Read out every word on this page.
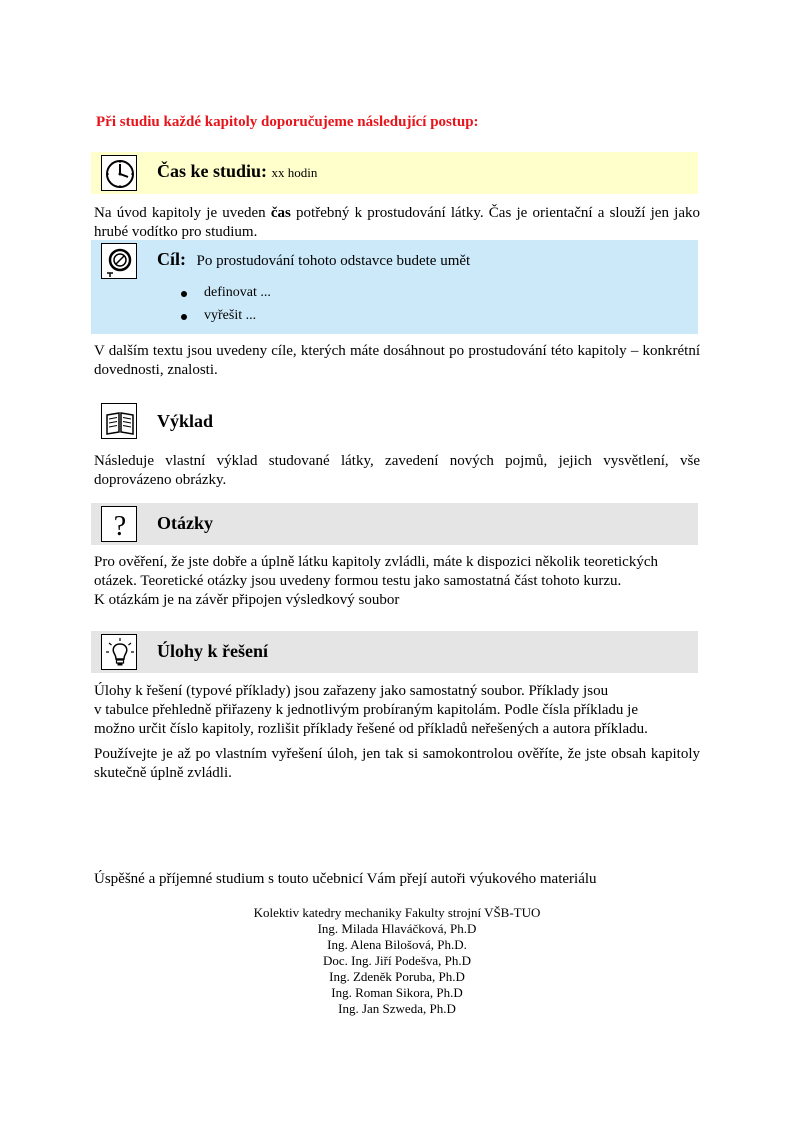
Při studiu každé kapitoly doporučujeme následující postup:
Čas ke studiu: xx hodin
Na úvod kapitoly je uveden čas potřebný k prostudování látky. Čas je orientační a slouží jen jako hrubé vodítko pro studium.
Cíl: Po prostudování tohoto odstavce budete umět
definovat ...
vyřešit ...
V dalším textu jsou uvedeny cíle, kterých máte dosáhnout po prostudování této kapitoly – konkrétní dovednosti, znalosti.
Výklad
Následuje vlastní výklad studované látky, zavedení nových pojmů, jejich vysvětlení, vše doprovázeno obrázky.
? Otázky
Pro ověření, že jste dobře a úplně látku kapitoly zvládli, máte k dispozici několik teoretických
otázek. Teoretické otázky jsou uvedeny formou testu jako samostatná část tohoto kurzu.
K otázkám je na závěr připojen výsledkový soubor
Úlohy k řešení
Úlohy k řešení (typové příklady) jsou zařazeny jako samostatný soubor. Příklady jsou
v tabulce přehledně přiřazeny k jednotlivým probíraným kapitolám. Podle čísla příkladu je
možno určit číslo kapitoly, rozlišit příklady řešené od příkladů neřešených a autora příkladu.
Používejte je až po vlastním vyřešení úloh, jen tak si samokontrolou ověříte, že jste obsah kapitoly skutečně úplně zvládli.
Úspěšné a příjemné studium s touto učebnicí Vám přejí autoři výukového materiálu
Kolektiv katedry mechaniky Fakulty strojní VŠB-TUO
Ing. Milada Hlaváčková, Ph.D
Ing. Alena Bilošová, Ph.D.
Doc. Ing. Jiří Podešva, Ph.D
Ing. Zdeněk Poruba, Ph.D
Ing. Roman Sikora, Ph.D
Ing. Jan Szweda, Ph.D
